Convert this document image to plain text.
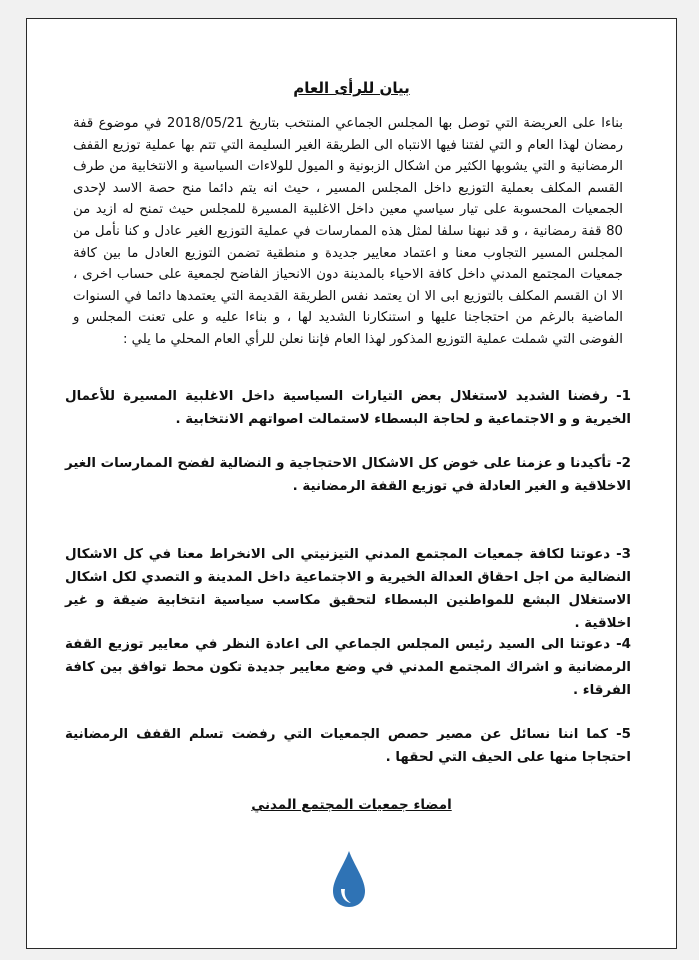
بيان للرأى العام
بناءا على العريضة التي توصل بها المجلس الجماعي المنتخب بتاريخ 2018/05/21 في موضوع قفة رمضان لهذا العام و التي لفتنا فيها الانتباه الى الطريقة الغير السليمة التي تتم بها عملية توزيع القفف الرمضانية و التي يشوبها الكثير من اشكال الزبونية و الميول للولاءات السياسية و الانتخابية من طرف القسم المكلف بعملية التوزيع داخل المجلس المسير ، حيث انه يتم دائما منح حصة الاسد لإحدى الجمعيات المحسوبة على تيار سياسي معين داخل الاغلبية المسيرة للمجلس حيث تمنح له ازيد من 80 قفة رمضانية ، و قد نبهنا سلفا لمثل هذه الممارسات في عملية التوزيع الغير عادل و كنا نأمل من المجلس المسير التجاوب معنا و اعتماد معايير جديدة و منطقية تضمن التوزيع العادل ما بين كافة جمعيات المجتمع المدني داخل كافة الاحياء بالمدينة دون الانحياز الفاضح لجمعية على حساب اخرى ، الا ان القسم المكلف بالتوزيع ابى الا ان يعتمد نفس الطريقة القديمة التي يعتمدها دائما في السنوات الماضية بالرغم من احتجاجنا عليها و استنكارنا الشديد لها ، و بناءا عليه و على تعنت المجلس و الفوضى التي شملت عملية التوزيع المذكور لهذا العام فإننا نعلن للرأي العام المحلي ما يلي :
1- رفضنا الشديد لاستغلال بعض التيارات السياسية داخل الاغلبية المسيرة للأعمال الخيرية و و الاجتماعية و لحاجة البسطاء لاستمالت اصواتهم الانتخابية .
2- تأكيدنا و عزمنا على خوض كل الاشكال الاحتجاجية و النضالية لفضح الممارسات الغير الاخلاقية و الغير العادلة في توزيع القفة الرمضانية .
3- دعوتنا لكافة جمعيات المجتمع المدني التيزنيتي الى الانخراط معنا في كل الاشكال النضالية من اجل احقاق العدالة الخيرية و الاجتماعية داخل المدينة و التصدي لكل اشكال الاستغلال البشع للمواطنين البسطاء لتحقيق مكاسب سياسية انتخابية ضيقة و غير اخلاقية .
4- دعوتنا الى السيد رئيس المجلس الجماعي الى اعادة النظر في معايير توزيع القفة الرمضانية و اشراك المجتمع المدني في وضع معايير جديدة تكون محط توافق بين كافة الفرقاء .
5- كما اننا نسائل عن مصير حصص الجمعيات التي رفضت تسلم القفف الرمضانية احتجاجا منها على الحيف التي لحقها .
امضاء جمعيات المجتمع المدني
